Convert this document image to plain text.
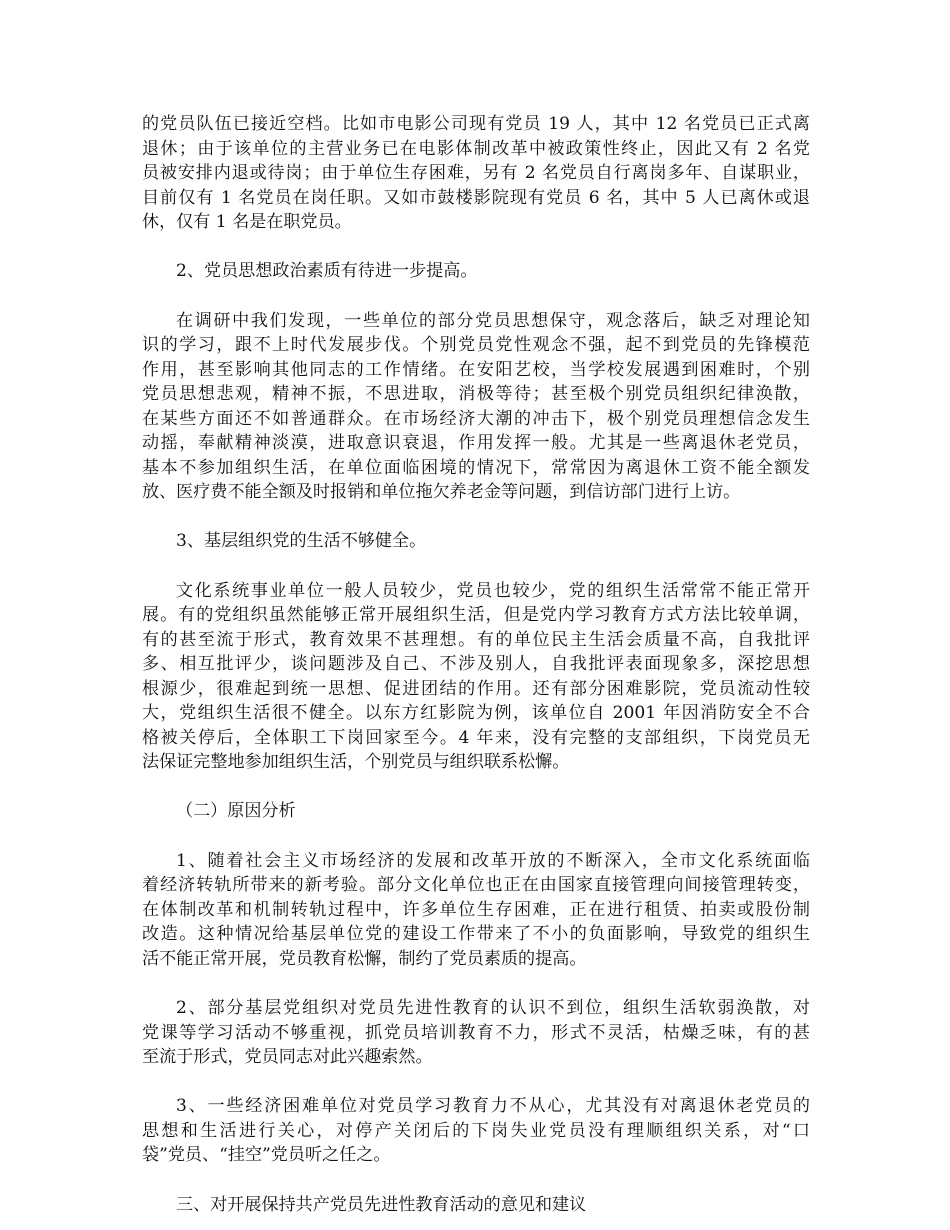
的党员队伍已接近空档。比如市电影公司现有党员 19 人，其中 12 名党员已正式离
退休；由于该单位的主营业务已在电影体制改革中被政策性终止，因此又有 2 名党
员被安排内退或待岗；由于单位生存困难，另有 2 名党员自行离岗多年、自谋职业，
目前仅有 1 名党员在岗任职。又如市鼓楼影院现有党员 6 名，其中 5 人已离休或退
休，仅有 1 名是在职党员。
2、党员思想政治素质有待进一步提高。
在调研中我们发现，一些单位的部分党员思想保守，观念落后，缺乏对理论知
识的学习，跟不上时代发展步伐。个别党员党性观念不强，起不到党员的先锋模范
作用，甚至影响其他同志的工作情绪。在安阳艺校，当学校发展遇到困难时，个别
党员思想悲观，精神不振，不思进取，消极等待；甚至极个别党员组织纪律涣散，
在某些方面还不如普通群众。在市场经济大潮的冲击下，极个别党员理想信念发生
动摇，奉献精神淡漠，进取意识衰退，作用发挥一般。尤其是一些离退休老党员，
基本不参加组织生活，在单位面临困境的情况下，常常因为离退休工资不能全额发
放、医疗费不能全额及时报销和单位拖欠养老金等问题，到信访部门进行上访。
3、基层组织党的生活不够健全。
文化系统事业单位一般人员较少，党员也较少，党的组织生活常常不能正常开
展。有的党组织虽然能够正常开展组织生活，但是党内学习教育方式方法比较单调，
有的甚至流于形式，教育效果不甚理想。有的单位民主生活会质量不高，自我批评
多、相互批评少，谈问题涉及自己、不涉及别人，自我批评表面现象多，深挖思想
根源少，很难起到统一思想、促进团结的作用。还有部分困难影院，党员流动性较
大，党组织生活很不健全。以东方红影院为例，该单位自 2001 年因消防安全不合
格被关停后，全体职工下岗回家至今。4 年来，没有完整的支部组织，下岗党员无
法保证完整地参加组织生活，个别党员与组织联系松懈。
（二）原因分析
1、随着社会主义市场经济的发展和改革开放的不断深入，全市文化系统面临
着经济转轨所带来的新考验。部分文化单位也正在由国家直接管理向间接管理转变，
在体制改革和机制转轨过程中，许多单位生存困难，正在进行租赁、拍卖或股份制
改造。这种情况给基层单位党的建设工作带来了不小的负面影响，导致党的组织生
活不能正常开展，党员教育松懈，制约了党员素质的提高。
2、部分基层党组织对党员先进性教育的认识不到位，组织生活软弱涣散，对
党课等学习活动不够重视，抓党员培训教育不力，形式不灵活，枯燥乏味，有的甚
至流于形式，党员同志对此兴趣索然。
3、一些经济困难单位对党员学习教育力不从心，尤其没有对离退休老党员的
思想和生活进行关心，对停产关闭后的下岗失业党员没有理顺组织关系，对“口
袋”党员、“挂空”党员听之任之。
三、对开展保持共产党员先进性教育活动的意见和建议
